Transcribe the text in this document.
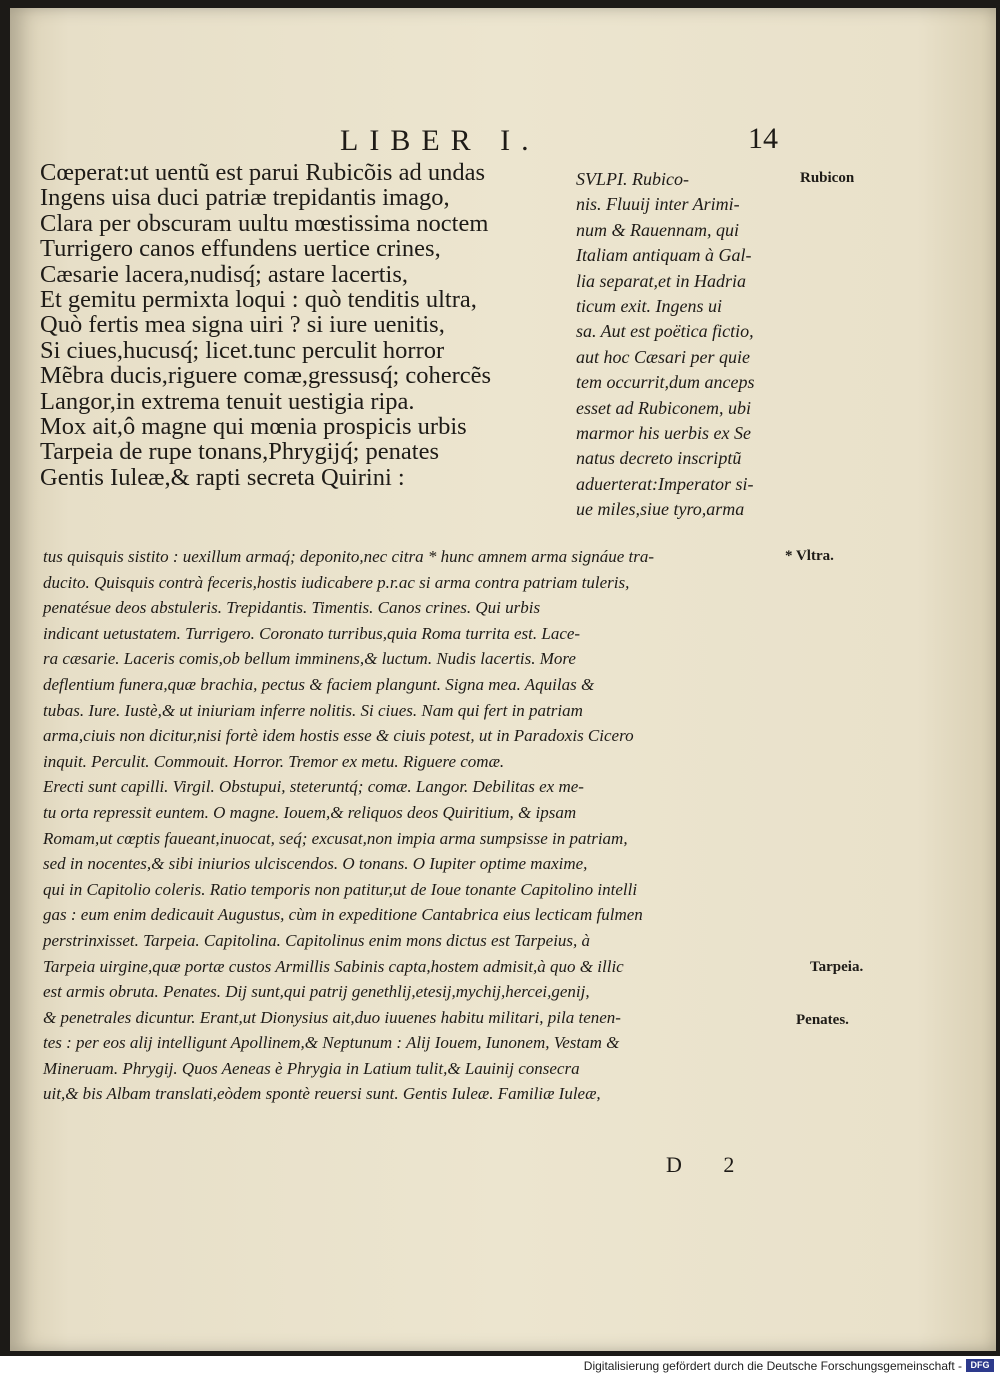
LIBER I.	14
Cœperat:ut uentũ est parui Rubicõis ad undas
Ingens uisa duci patriæ trepidantis imago,
Clara per obscuram uultu mœstissima noctem
Turrigero canos effundens uertice crines,
Cæsarie lacera,nudisq́; astare lacertis,
Et gemitu permixta loqui : quò tenditis ultra,
Quò fertis mea signa uiri ? si iure uenitis,
Si ciues,hucusq́; licet.tunc perculit horror
Mẽbra ducis,riguere comæ,gressusq́; cohercẽs
Langor,in extrema tenuit uestigia ripa.
Mox ait,ô magne qui mœnia prospicis urbis
Tarpeia de rupe tonans,Phrygijq́; penates
Gentis Iuleæ,& rapti secreta Quirini :
SVLPI. Rubico-
nis. Fluuij inter Arimi-
num & Rauennam, qui
Italiam antiquam à Gal-
lia separat,et in Hadria
ticum exit. Ingens ui
sa. Aut est poëtica fictio,
aut hoc Cæsari per quie
tem occurrit,dum anceps
esset ad Rubiconem, ubi
marmor his uerbis ex Se
natus decreto inscriptũ
aduerterat:Imperator si-
ue miles,siue tyro,arma
tus quisquis sistito : uexillum armaq́; deponito,nec citra * hunc amnem arma signáue tra-
ducito. Quisquis contrà feceris,hostis iudicabere p.r.ac si arma contra patriam tuleris,
penatésue deos abstuleris. Trepidantis. Timentis. Canos crines. Qui urbis
indicant uetustatem. Turrigero. Coronato turribus,quia Roma turrita est. Lace-
ra cæsarie. Laceris comis,ob bellum imminens,& luctum. Nudis lacertis. More
deflentium funera,quæ brachia, pectus & faciem plangunt. Signa mea. Aquilas &
tubas. Iure. Iustè,& ut iniuriam inferre nolitis. Si ciues. Nam qui fert in patriam
arma,ciuis non dicitur,nisi fortè idem hostis esse & ciuis potest, ut in Paradoxis Cicero
inquit. Perculit. Commouit. Horror. Tremor ex metu. Riguere comæ.
Erecti sunt capilli. Virgil. Obstupui, steteruntq́; comæ. Langor. Debilitas ex me-
tu orta repressit euntem. O magne. Iouem,& reliquos deos Quiritium, & ipsam
Romam,ut cœptis faueant,inuocat, seq́; excusat,non impia arma sumpsisse in patriam,
sed in nocentes,& sibi iniurios ulciscendos. O tonans. O Iupiter optime maxime,
qui in Capitolio coleris. Ratio temporis non patitur,ut de Ioue tonante Capitolino intelli
gas : eum enim dedicauit Augustus, cùm in expeditione Cantabrica eius lecticam fulmen
perstrinxisset. Tarpeia. Capitolina. Capitolinus enim mons dictus est Tarpeius, à
Tarpeia uirgine,quæ portæ custos Armillis Sabinis capta,hostem admisit,à quo & illic
est armis obruta. Penates. Dij sunt,qui patrij genethlij,etesij,mychij,hercei,genij,
& penetrales dicuntur. Erant,ut Dionysius ait,duo iuuenes habitu militari, pila tenen-
tes : per eos alij intelligunt Apollinem,& Neptunum : Alij Iouem, Iunonem, Vestam &
Mineruam. Phrygij. Quos Aeneas è Phrygia in Latium tulit,& Lauinij consecra
uit,& bis Albam translati,eòdem spontè reuersi sunt. Gentis Iuleæ. Familiæ Iuleæ,
Rubicon
* Vltra.
Tarpeia.
Penates.
D 2
Digitalisierung gefördert durch die Deutsche Forschungsgemeinschaft - DFG
